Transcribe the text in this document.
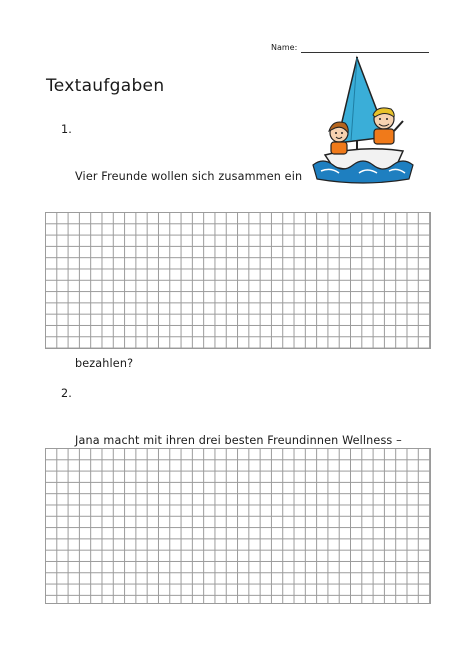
Name:
Textaufgaben

1.

Vier Freunde wollen sich zusammen ein

bezahlen?

2.

Jana macht mit ihren drei besten Freundinnen Wellness –
